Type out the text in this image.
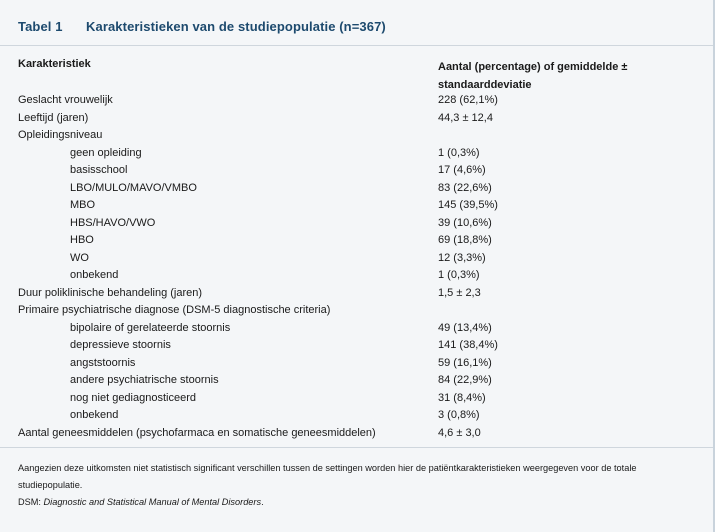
Tabel 1 Karakteristieken van de studiepopulatie (n=367)
Karakteristiek	Aantal (percentage) of gemiddelde ± standaarddeviatie
Geslacht vrouwelijk	228 (62,1%)
Leeftijd (jaren)	44,3 ± 12,4
Opleidingsniveau
geen opleiding	1 (0,3%)
basisschool	17 (4,6%)
LBO/MULO/MAVO/VMBO	83 (22,6%)
MBO	145 (39,5%)
HBS/HAVO/VWO	39 (10,6%)
HBO	69 (18,8%)
WO	12 (3,3%)
onbekend	1 (0,3%)
Duur poliklinische behandeling (jaren)	1,5 ± 2,3
Primaire psychiatrische diagnose (DSM-5 diagnostische criteria)
bipolaire of gerelateerde stoornis	49 (13,4%)
depressieve stoornis	141 (38,4%)
angststoornis	59 (16,1%)
andere psychiatrische stoornis	84 (22,9%)
nog niet gediagnosticeerd	31 (8,4%)
onbekend	3 (0,8%)
Aantal geneesmiddelen (psychofarmaca en somatische geneesmiddelen)	4,6 ± 3,0
Aangezien deze uitkomsten niet statistisch significant verschillen tussen de settingen worden hier de patiëntkarakteristieken weergegeven voor de totale studiepopulatie.
DSM: Diagnostic and Statistical Manual of Mental Disorders.
